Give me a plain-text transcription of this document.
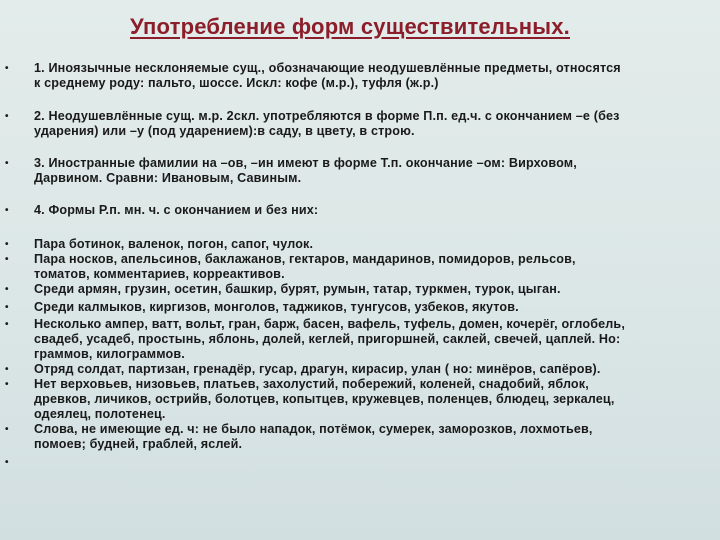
Употребление форм существительных.
• 1. Иноязычные несклоняемые сущ., обозначающие неодушевлённые предметы, относятся
к среднему роду: пальто, шоссе. Искл: кофе (м.р.), туфля (ж.р.)
• 2. Неодушевлённые сущ. м.р. 2скл. употребляются в форме П.п. ед.ч. с окончанием –е (без
ударения) или –у (под ударением):в саду, в цвету, в строю.
• 3. Иностранные фамилии на –ов, –ин имеют в форме Т.п. окончание –ом: Вирховом,
Дарвином. Сравни: Ивановым, Савиным.
• 4. Формы Р.п. мн. ч. с окончанием и без них:
• Пара ботинок, валенок, погон, сапог, чулок.
• Пара носков, апельсинов, баклажанов, гектаров, мандаринов, помидоров, рельсов,
томатов, комментариев, корреактивов.
• Среди армян, грузин, осетин, башкир, бурят, румын, татар, туркмен, турок, цыган.
• Среди калмыков, киргизов, монголов, таджиков, тунгусов, узбеков, якутов.
• Несколько ампер, ватт, вольт, гран, барж, басен, вафель, туфель, домен, кочерёг, оглобель,
свадеб, усадеб, простынь, яблонь, долей, кеглей, пригоршней, саклей, свечей, цаплей. Но:
граммов, килограммов.
• Отряд солдат, партизан, гренадёр, гусар, драгун, кирасир, улан ( но: минёров, сапёров).
• Нет верховьев, низовьев, платьев, захолустий, побережий, коленей, снадобий, яблок,
древков, личиков, острийв, болотцев, копытцев, кружевцев, поленцев, блюдец, зеркалец,
одеялец, полотенец.
• Слова, не имеющие ед. ч: не было нападок, потёмок, сумерек, заморозков, лохмотьев,
помоев; будней, граблей, яслей.
•
